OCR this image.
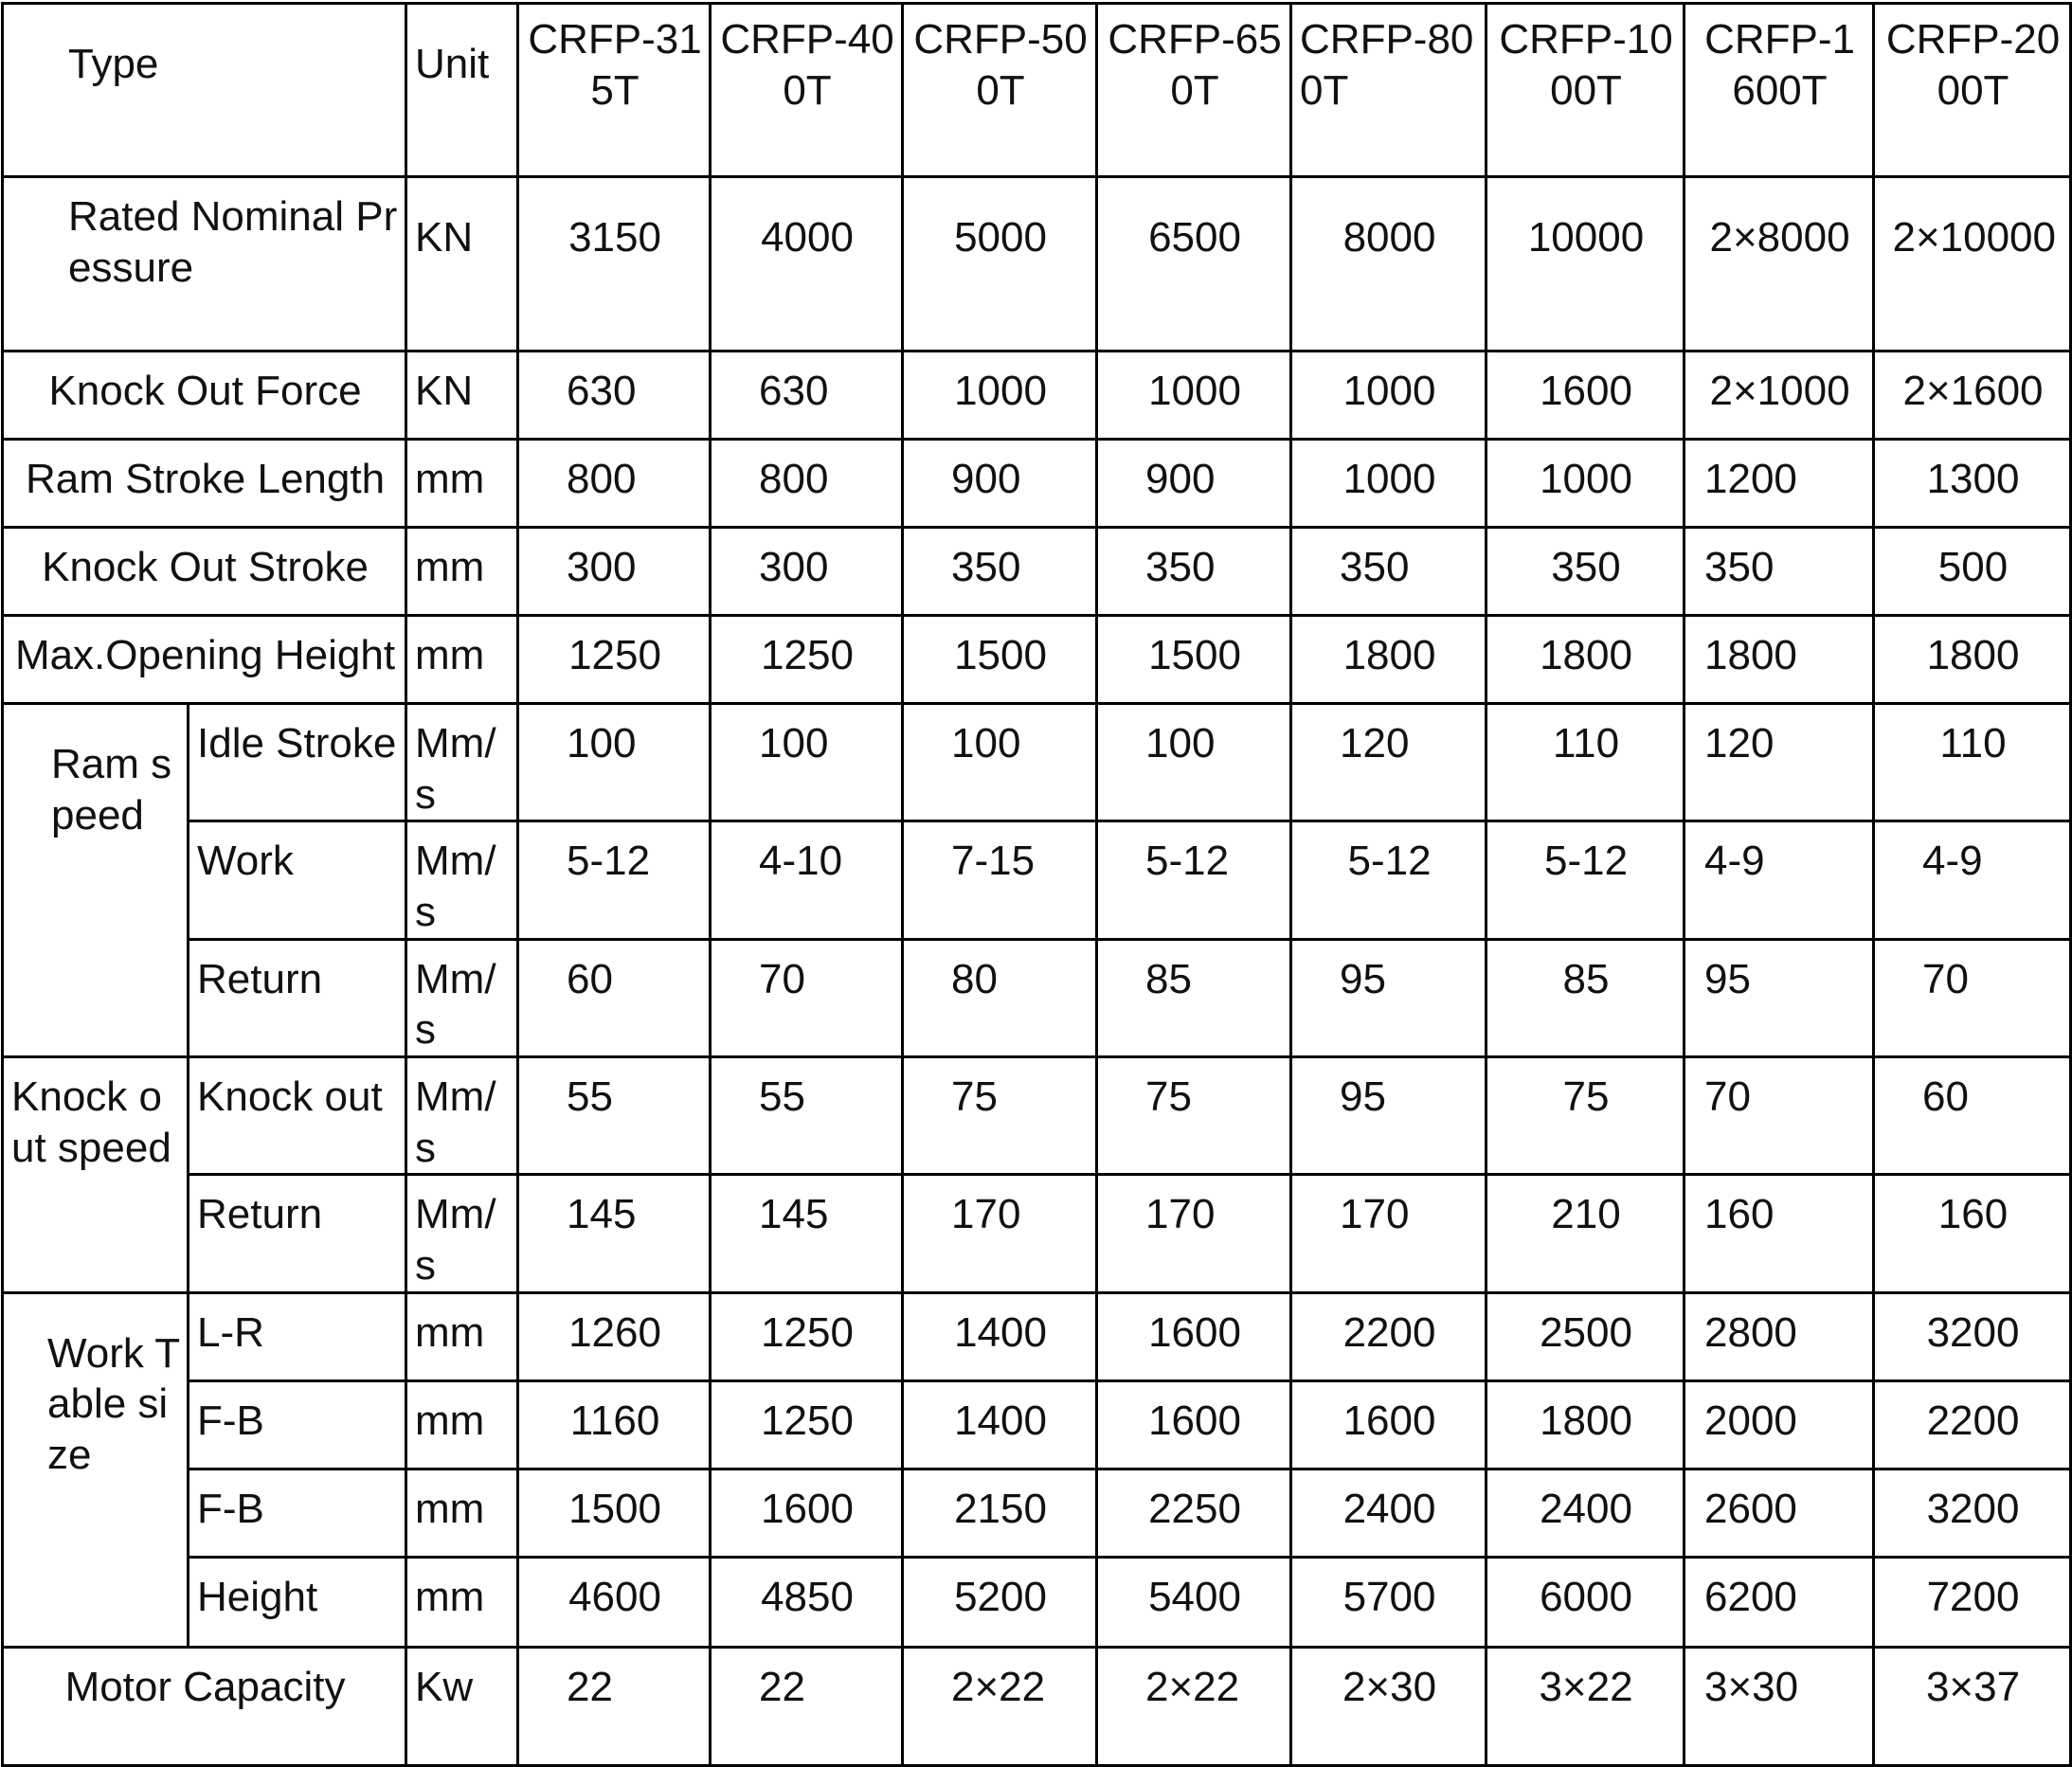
Type		Unit	CRFP-315T	CRFP-400T	CRFP-500T	CRFP-650T	CRFP-800T	CRFP-1000T	CRFP-1600T	CRFP-2000T
Rated Nominal Pressure		KN	3150	4000	5000	6500	8000	10000	2×8000	2×10000
Knock Out Force		KN	630	630	1000	1000	1000	1600	2×1000	2×1600
Ram Stroke Length		mm	800	800	900	900	1000	1000	1200	1300
Knock Out Stroke		mm	300	300	350	350	350	350	350	500
Max.Opening Height		mm	1250	1250	1500	1500	1800	1800	1800	1800
Ram speed	Idle Stroke	Mm/s	100	100	100	100	120	110	120	110
	Work	Mm/s	5-12	4-10	7-15	5-12	5-12	5-12	4-9	4-9
	Return	Mm/s	60	70	80	85	95	85	95	70
Knock out speed	Knock out	Mm/s	55	55	75	75	95	75	70	60
	Return	Mm/s	145	145	170	170	170	210	160	160
Work Table size	L-R	mm	1260	1250	1400	1600	2200	2500	2800	3200
	F-B	mm	1160	1250	1400	1600	1600	1800	2000	2200
	F-B	mm	1500	1600	2150	2250	2400	2400	2600	3200
	Height	mm	4600	4850	5200	5400	5700	6000	6200	7200
Motor Capacity		Kw	22	22	2×22	2×22	2×30	3×22	3×30	3×37
